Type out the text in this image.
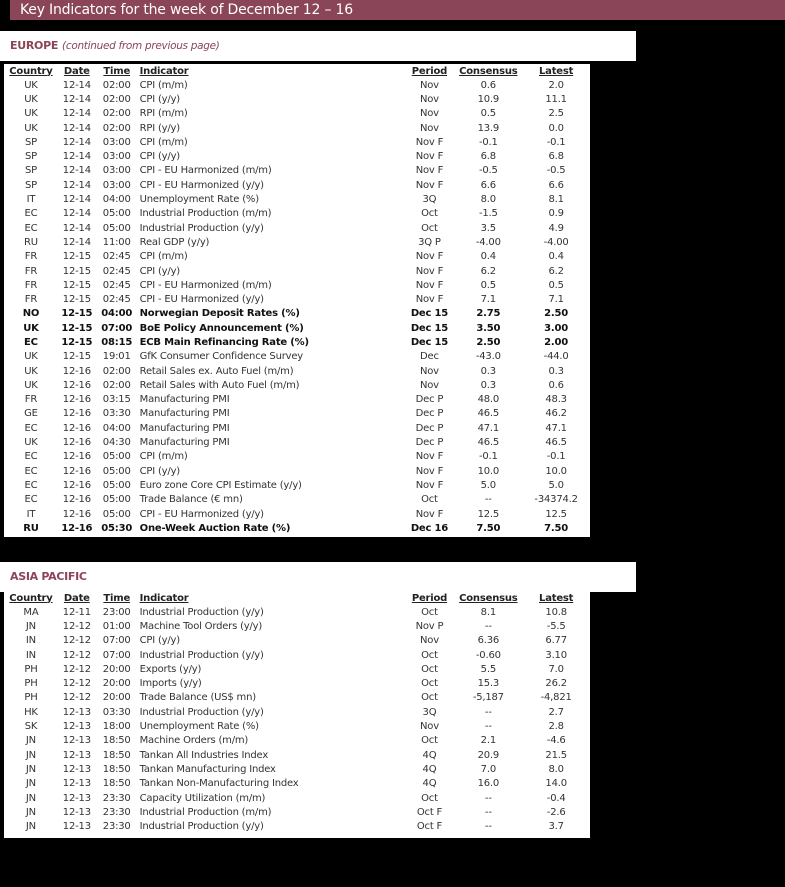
Key Indicators for the week of December 12 – 16
EUROPE (continued from previous page)
Country	Date	Time	Indicator	Period	Consensus	Latest
UK	12-14	02:00	CPI (m/m)	Nov	0.6	2.0
UK	12-14	02:00	CPI (y/y)	Nov	10.9	11.1
UK	12-14	02:00	RPI (m/m)	Nov	0.5	2.5
UK	12-14	02:00	RPI (y/y)	Nov	13.9	0.0
SP	12-14	03:00	CPI (m/m)	Nov F	-0.1	-0.1
SP	12-14	03:00	CPI (y/y)	Nov F	6.8	6.8
SP	12-14	03:00	CPI - EU Harmonized (m/m)	Nov F	-0.5	-0.5
SP	12-14	03:00	CPI - EU Harmonized (y/y)	Nov F	6.6	6.6
IT	12-14	04:00	Unemployment Rate (%)	3Q	8.0	8.1
EC	12-14	05:00	Industrial Production (m/m)	Oct	-1.5	0.9
EC	12-14	05:00	Industrial Production (y/y)	Oct	3.5	4.9
RU	12-14	11:00	Real GDP (y/y)	3Q P	-4.00	-4.00
FR	12-15	02:45	CPI (m/m)	Nov F	0.4	0.4
FR	12-15	02:45	CPI (y/y)	Nov F	6.2	6.2
FR	12-15	02:45	CPI - EU Harmonized (m/m)	Nov F	0.5	0.5
FR	12-15	02:45	CPI - EU Harmonized (y/y)	Nov F	7.1	7.1
NO	12-15	04:00	Norwegian Deposit Rates (%)	Dec 15	2.75	2.50
UK	12-15	07:00	BoE Policy Announcement (%)	Dec 15	3.50	3.00
EC	12-15	08:15	ECB Main Refinancing Rate (%)	Dec 15	2.50	2.00
UK	12-15	19:01	GfK Consumer Confidence Survey	Dec	-43.0	-44.0
UK	12-16	02:00	Retail Sales ex. Auto Fuel (m/m)	Nov	0.3	0.3
UK	12-16	02:00	Retail Sales with Auto Fuel (m/m)	Nov	0.3	0.6
FR	12-16	03:15	Manufacturing PMI	Dec P	48.0	48.3
GE	12-16	03:30	Manufacturing PMI	Dec P	46.5	46.2
EC	12-16	04:00	Manufacturing PMI	Dec P	47.1	47.1
UK	12-16	04:30	Manufacturing PMI	Dec P	46.5	46.5
EC	12-16	05:00	CPI (m/m)	Nov F	-0.1	-0.1
EC	12-16	05:00	CPI (y/y)	Nov F	10.0	10.0
EC	12-16	05:00	Euro zone Core CPI Estimate (y/y)	Nov F	5.0	5.0
EC	12-16	05:00	Trade Balance (€ mn)	Oct	--	-34374.2
IT	12-16	05:00	CPI - EU Harmonized (y/y)	Nov F	12.5	12.5
RU	12-16	05:30	One-Week Auction Rate (%)	Dec 16	7.50	7.50
ASIA PACIFIC
Country	Date	Time	Indicator	Period	Consensus	Latest
MA	12-11	23:00	Industrial Production (y/y)	Oct	8.1	10.8
JN	12-12	01:00	Machine Tool Orders (y/y)	Nov P	--	-5.5
IN	12-12	07:00	CPI (y/y)	Nov	6.36	6.77
IN	12-12	07:00	Industrial Production (y/y)	Oct	-0.60	3.10
PH	12-12	20:00	Exports (y/y)	Oct	5.5	7.0
PH	12-12	20:00	Imports (y/y)	Oct	15.3	26.2
PH	12-12	20:00	Trade Balance (US$ mn)	Oct	-5,187	-4,821
HK	12-13	03:30	Industrial Production (y/y)	3Q	--	2.7
SK	12-13	18:00	Unemployment Rate (%)	Nov	--	2.8
JN	12-13	18:50	Machine Orders (m/m)	Oct	2.1	-4.6
JN	12-13	18:50	Tankan All Industries Index	4Q	20.9	21.5
JN	12-13	18:50	Tankan Manufacturing Index	4Q	7.0	8.0
JN	12-13	18:50	Tankan Non-Manufacturing Index	4Q	16.0	14.0
JN	12-13	23:30	Capacity Utilization (m/m)	Oct	--	-0.4
JN	12-13	23:30	Industrial Production (m/m)	Oct F	--	-2.6
JN	12-13	23:30	Industrial Production (y/y)	Oct F	--	3.7
